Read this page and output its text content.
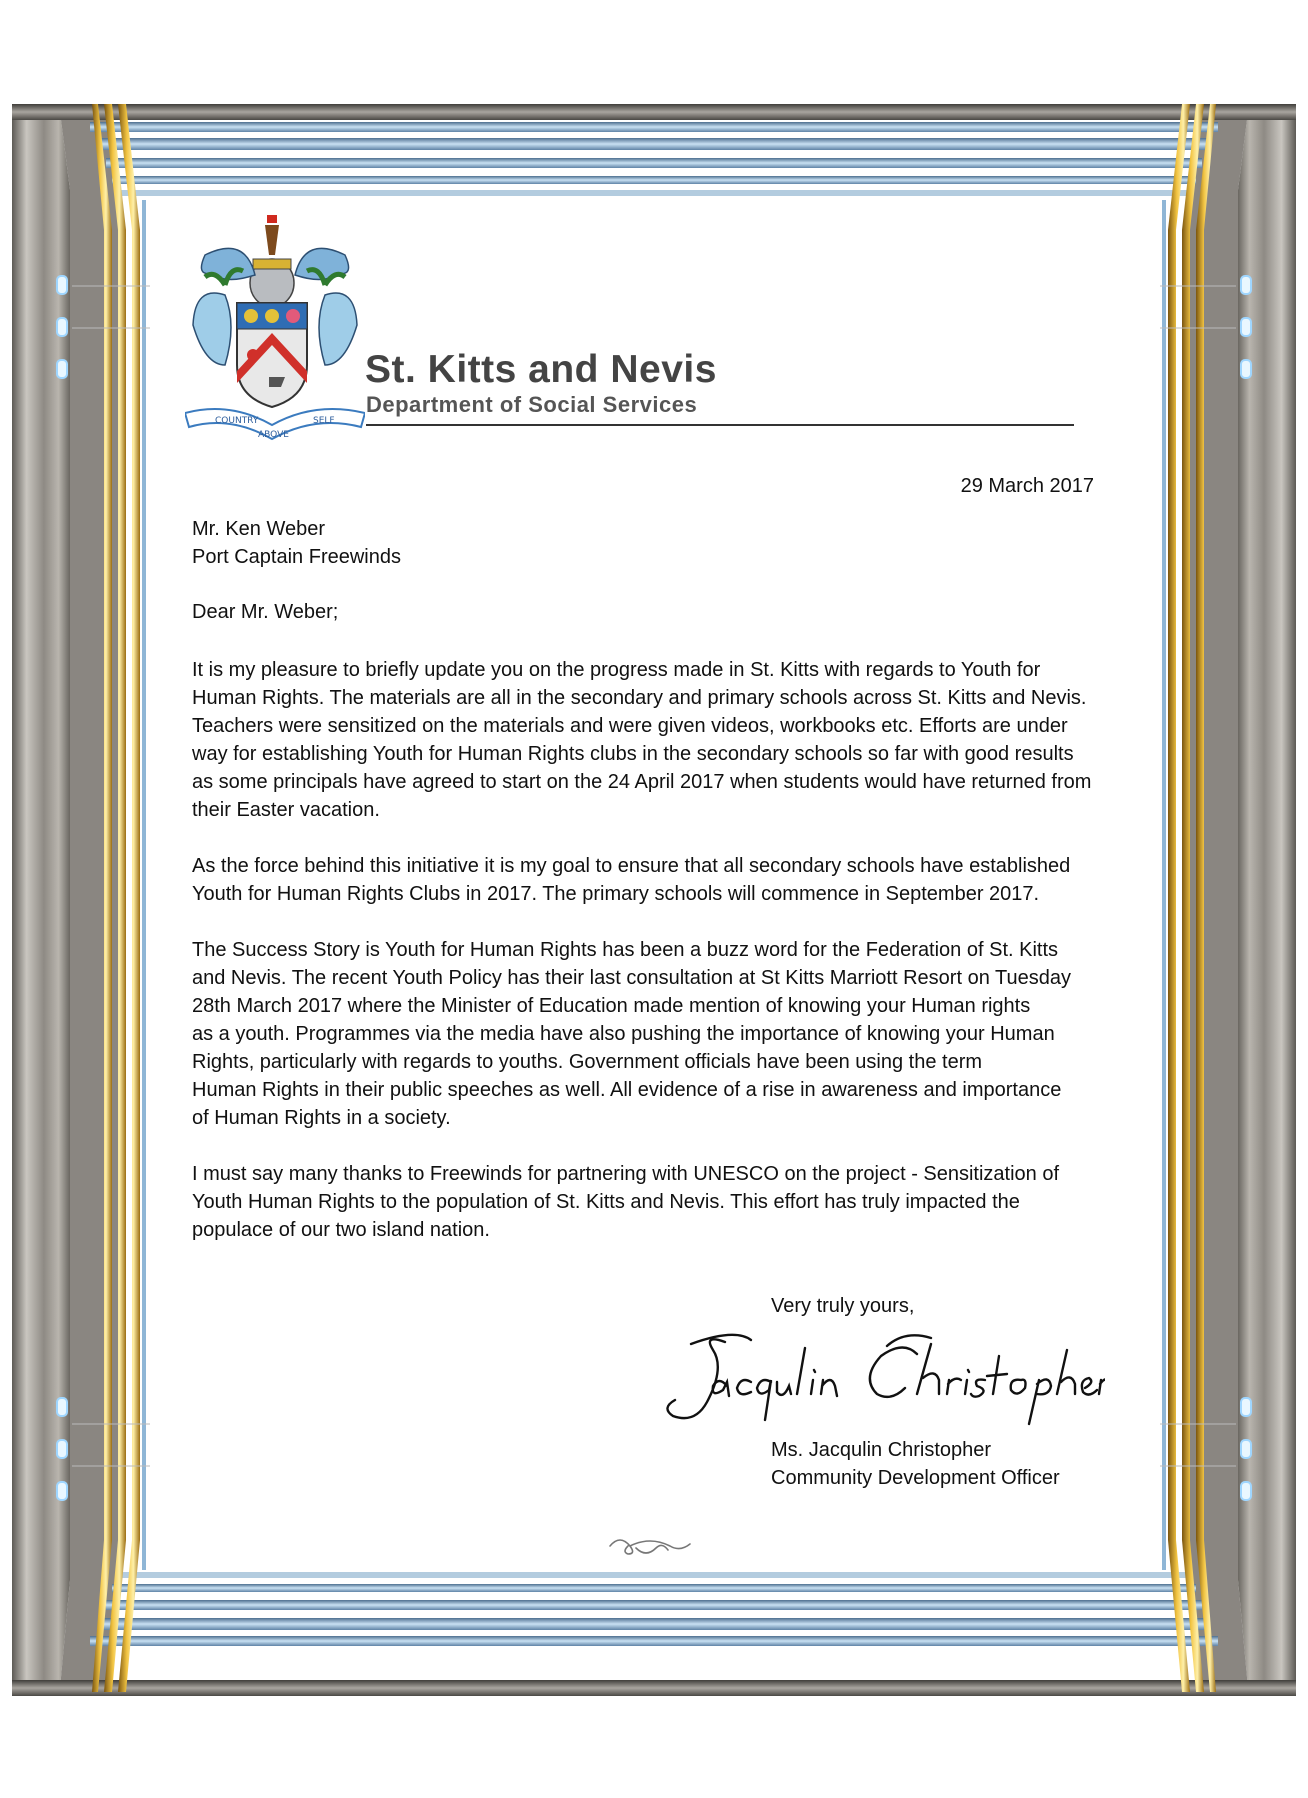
COUNTRY
ABOVE
SELF
St. Kitts and Nevis
Department of Social Services
29 March 2017
Mr. Ken Weber
Port Captain Freewinds
Dear Mr. Weber;

It is my pleasure to briefly update you on the progress made in St. Kitts with regards to Youth for
Human Rights. The materials are all in the secondary and primary schools across St. Kitts and Nevis.
Teachers were sensitized on the materials and were given videos, workbooks etc. Efforts are under
way for establishing Youth for Human Rights clubs in the secondary schools so far with good results
as some principals have agreed to start on the 24 April 2017 when students would have returned from
their Easter vacation.

As the force behind this initiative it is my goal to ensure that all secondary schools have established
Youth for Human Rights Clubs in 2017. The primary schools will commence in September 2017.

The Success Story is Youth for Human Rights has been a buzz word for the Federation of St. Kitts
and Nevis. The recent Youth Policy has their last consultation at St Kitts Marriott Resort on Tuesday
28th March 2017 where the Minister of Education made mention of knowing your Human rights
as a youth. Programmes via the media have also pushing the importance of knowing your Human
Rights, particularly with regards to youths. Government officials have been using the term
Human Rights in their public speeches as well. All evidence of a rise in awareness and importance
of Human Rights in a society.

I must say many thanks to Freewinds for partnering with UNESCO on the project - Sensitization of
Youth Human Rights to the population of St. Kitts and Nevis. This effort has truly impacted the
populace of our two island nation.

Very truly yours,
Ms. Jacqulin Christopher
Community Development Officer
